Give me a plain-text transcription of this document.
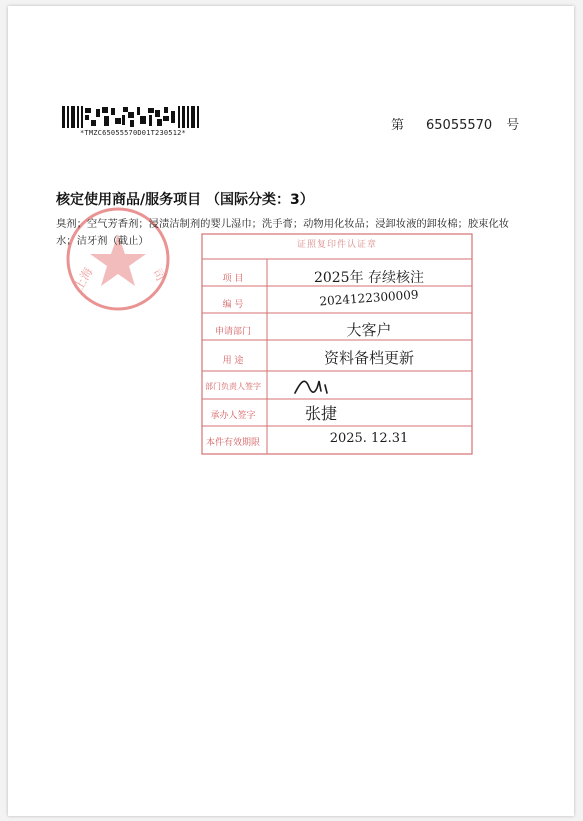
*TMZC65055570D01T230512*	第 65055570 号
核定使用商品/服务项目 （国际分类：3）
上海	司
臭剂；空气芳香剂；浸渍洁制剂的婴儿湿巾；洗手膏；动物用化妆品；浸卸妆液的卸妆棉；胶束化妆水；洁牙剂（截止）	证照复印件认证章
项 目	2025年 存续核注
编 号	2024122300009
申请部门	大客户
用 途	资料备档更新
部门负责人签字
承办人签字	张捷
本件有效期限	2025. 12.31
